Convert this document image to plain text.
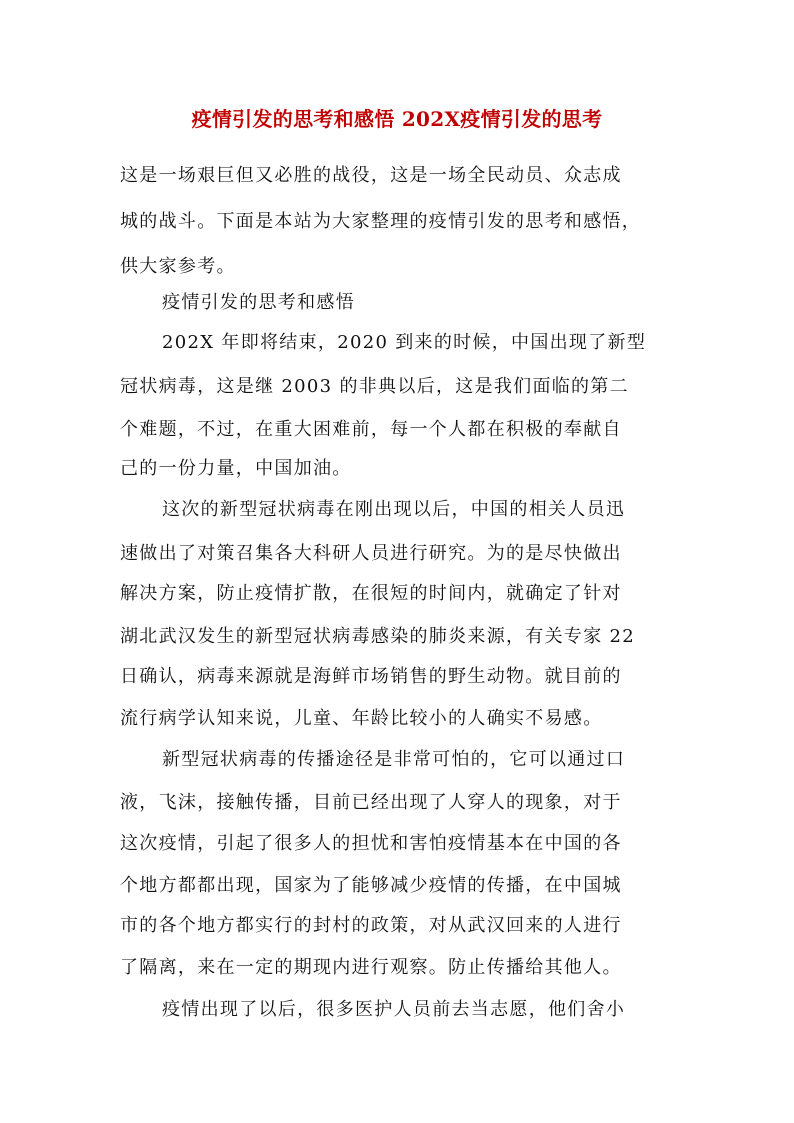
疫情引发的思考和感悟 202X疫情引发的思考
这是一场艰巨但又必胜的战役，这是一场全民动员、众志成
城的战斗。下面是本站为大家整理的疫情引发的思考和感悟，
供大家参考。
疫情引发的思考和感悟
202X 年即将结束，2020 到来的时候，中国出现了新型
冠状病毒，这是继 2003 的非典以后，这是我们面临的第二
个难题，不过，在重大困难前，每一个人都在积极的奉献自
己的一份力量，中国加油。
这次的新型冠状病毒在刚出现以后，中国的相关人员迅
速做出了对策召集各大科研人员进行研究。为的是尽快做出
解决方案，防止疫情扩散，在很短的时间内，就确定了针对
湖北武汉发生的新型冠状病毒感染的肺炎来源，有关专家 22
日确认，病毒来源就是海鲜市场销售的野生动物。就目前的
流行病学认知来说，儿童、年龄比较小的人确实不易感。
新型冠状病毒的传播途径是非常可怕的，它可以通过口
液，飞沫，接触传播，目前已经出现了人穿人的现象，对于
这次疫情，引起了很多人的担忧和害怕疫情基本在中国的各
个地方都都出现，国家为了能够减少疫情的传播，在中国城
市的各个地方都实行的封村的政策，对从武汉回来的人进行
了隔离，来在一定的期现内进行观察。防止传播给其他人。
疫情出现了以后，很多医护人员前去当志愿，他们舍小
